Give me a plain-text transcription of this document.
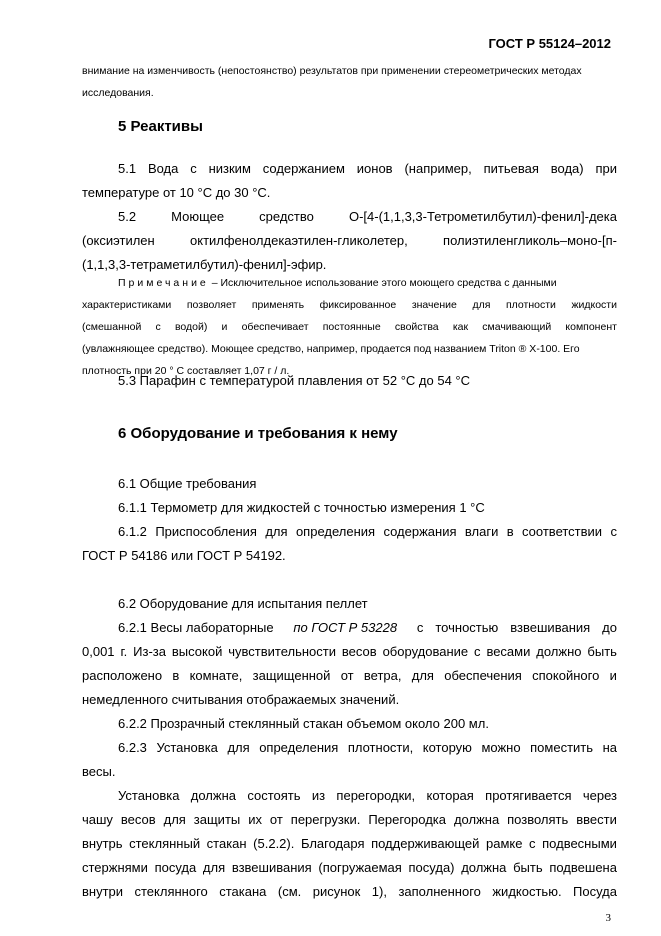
ГОСТ Р 55124–2012
внимание на изменчивость (непостоянство) результатов при применении стереометрических методах
исследования.
5 Реактивы
5.1 Вода с низким содержанием ионов (например, питьевая вода) при
температуре от 10 °С до 30 °С.
5.2	Моющее	средство	О-[4-(1,1,3,3-Тетрометилбутил)-фенил]-дека
(оксиэтилен	октилфенолдекаэтилен-гликолетер,	полиэтиленгликоль–моно-[п-
(1,1,3,3-тетраметилбутил)-фенил]-эфир.
Примечание – Исключительное использование этого моющего средства с данными
характеристиками позволяет применять фиксированное значение для плотности жидкости
(смешанной с водой) и обеспечивает постоянные свойства как смачивающий компонент
(увлажняющее средство). Моющее средство, например, продается под названием Triton ® X-100. Его
плотность при 20 ° С составляет 1,07 г / л.
5.3 Парафин с температурой плавления от 52 °С до 54 °С
6 Оборудование и требования к нему
6.1 Общие требования
6.1.1 Термометр для жидкостей с точностью измерения 1 °С
6.1.2 Приспособления для определения содержания влаги в соответствии с
ГОСТ Р 54186 или ГОСТ Р 54192.
6.2 Оборудование для испытания пеллет
6.2.1 Весы лабораторные по ГОСТ Р 53228 с точностью взвешивания до
0,001 г. Из-за высокой чувствительности весов оборудование с весами должно быть
расположено в комнате, защищенной от ветра, для обеспечения спокойного и
немедленного считывания отображаемых значений.
6.2.2 Прозрачный стеклянный стакан объемом около 200 мл.
6.2.3 Установка для определения плотности, которую можно поместить на
весы.
Установка должна состоять из перегородки, которая протягивается через
чашу весов для защиты их от перегрузки. Перегородка должна позволять ввести
внутрь стеклянный стакан (5.2.2). Благодаря поддерживающей рамке с подвесными
стержнями посуда для взвешивания (погружаемая посуда) должна быть подвешена
внутри стеклянного стакана (см. рисунок 1), заполненного жидкостью. Посуда
3
